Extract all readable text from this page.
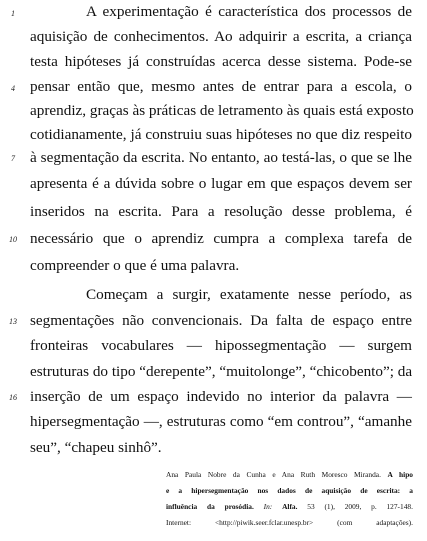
1
4
7
10
13
16
A experimentação é característica dos processos de
aquisição de conhecimentos. Ao adquirir a escrita, a criança
testa hipóteses já construídas acerca desse sistema. Pode-se
pensar então que, mesmo antes de entrar para a escola, o
aprendiz, graças às práticas de letramento às quais está exposto
cotidianamente, já construiu suas hipóteses no que diz respeito
à segmentação da escrita. No entanto, ao testá-las, o que se lhe
apresenta é a dúvida sobre o lugar em que espaços devem ser
inseridos na escrita. Para a resolução desse problema, é
necessário que o aprendiz cumpra a complexa tarefa de
compreender o que é uma palavra.
Começam a surgir, exatamente nesse período, as
segmentações não convencionais. Da falta de espaço entre
fronteiras vocabulares — hipossegmentação — surgem
estruturas do tipo “derepente”, “muitolonge”, “chicobento”; da
inserção de um espaço indevido no interior da palavra —
hipersegmentação —, estruturas como “em controu”, “amanhe
seu”, “chapeu sinhô”.
Ana Paula Nobre da Cunha e Ana Ruth Moresco Miranda. A hipo
e a hipersegmentação nos dados de aquisição de escrita: a
influência da prosódia. In: Alfa. 53 (1), 2009, p. 127-148.
Internet: <http://piwik.seer.fclar.unesp.br> (com adaptações).
